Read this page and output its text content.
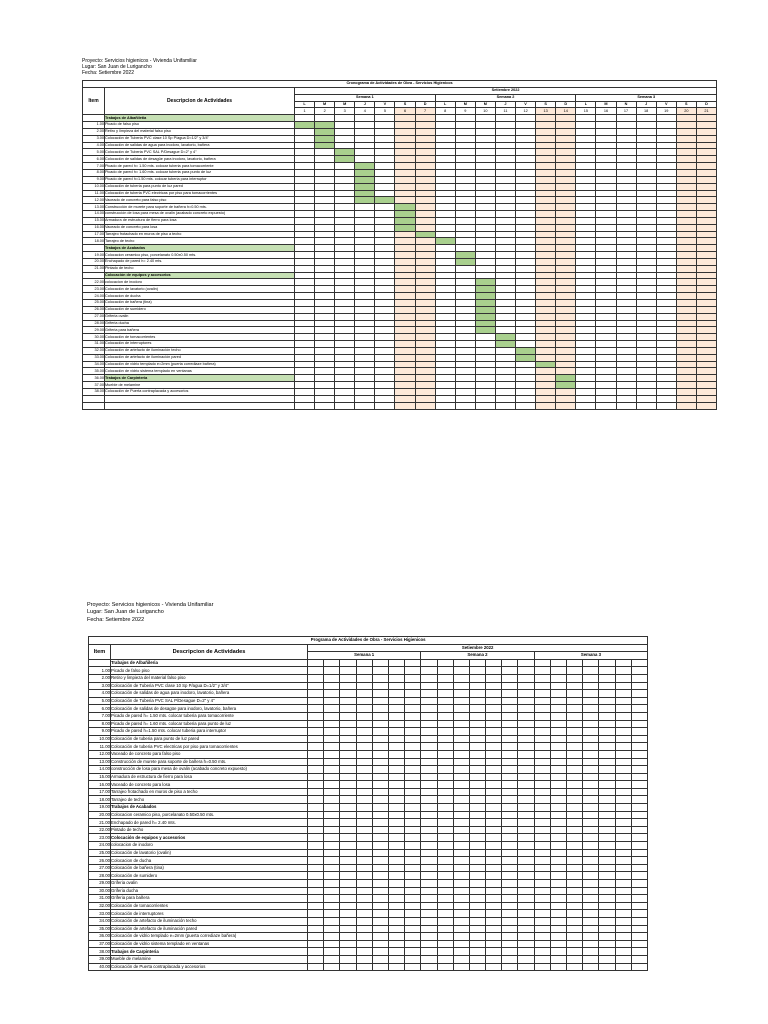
Proyecto: Servicios higienicos - Vivienda Unifamiliar
Lugar: San Juan de Lurigancho
Fecha: Setiembre 2022
Cronograma de Actividades de Obra - Servicios Higienicos																						
Item	Descripcion de Actividades	Setiembre 2022																				
		Semana 1							Semana 2							Semana 3						
		L	M	M	J	V	S	D	L	M	M	J	V	S	D	L	M	N	J	V	S	D
		1	2	3	4	5	6	7	8	9	10	11	12	13	14	15	16	17	18	19	20	21
	Trabajos de Albañiletia																					
1.00	Picado de falso piso																					
2.00	Retiro y limpieza del material falso piso																					
3.00	Colocación de Tuberia PVC clase 10 Sp P/agua D=1/2" y 3/4"																					
4.00	Colocación de salidas de agua para inodoro, lavatorio, bañera																					
5.00	Colocación de Tuberia PVC SAL P/Desague D=2" y 4"																					
6.00	Colocación de salidas de desagüe para inodoro, lavatorio, bañera																					
7.00	Picado de pared h= 1.50 mts. colocar tuberia para tomacorriente																					
8.00	Picado de pared h= 1.60 mts. colocar tuberia para punto de luz																					
9.00	Picado de pared h=1.50 mts. colocar tuberia para interruptor																					
10.00	Colocación de tuberia para punto de luz pared																					
11.00	Colocación de tuberia PVC electricas por piso para tomacorrientes																					
12.00	Vaceado de concreto para falso piso																					
13.00	Construcción de murete para soporte de bañera h=0.50 mts.																					
14.00	construcción de losa para mesa de ovalin (acabado concreto expuesto)																					
15.00	Armadura de estructura de fierro para losa																					
16.00	Vaceado de concreto para losa																					
17.00	Tarrajeo frotachado en muros de piso a techo																					
18.00	Tarrajeo de techo																					
	Trabajos de Acabados																					
19.00	Colocacion ceramico piso, porcelanato 0.50x0.50 mts.																					
20.00	Enchapado de pared h= 2.40 mts.																					
21.00	Pintado de techo																					
	Colocación de equipos y accesorios																					
22.00	colocacion de inodoro																					
23.00	Colocación de lavatorio (ovalin)																					
24.00	Colocacion de ducha																					
25.00	Colocación de bañera (tina)																					
26.00	Colocación de sumidero																					
27.00	Griferia ovalin																					
28.00	Griferia ducha																					
29.00	Griferia para bañera																					
30.00	Colocación de tomacorrientes																					
31.00	Colocación de interruptores																					
32.00	Colocación de artefacto de iluminación techo																					
33.00	Colocación de artefacto de iluminación pared																					
34.00	Colocación de vidrio templado e=2mm (puerta corrediaze bañera)																					
35.00	Colocación de vidrio sistema templado en ventanas																					
36.00	Trabajos de Carpinteria																					
37.00	Mueble de melamine																					
38.00	Colocación de Puerta contraplacada y accesorios																					

Proyecto: Servicios higienicos - Vivienda Unifamiliar
Lugar: San Juan de Lurigancho
Fecha: Setiembre 2022
Programa de Actividades de Obra - Servicios Higienicos																						
Item	Descripcion de Actividades	Setiembre 2022																				
		Semana 1							Semana 2							Semana 3						

	Trabajos de Albañileria																					
1.00	Picado de falso piso																					
2.00	Retiro y limpieza del material falso piso																					
3.00	Colocación de Tuberia PVC clase 10 Sp P/agua D=1/2" y 3/4"																					
4.00	Colocación de salidas de agua para inodoro, lavatorio, bañera																					
5.00	Colocación de Tuberia PVC SAL P/Desague D=2" y 4"																					
6.00	Colocación de salidas de desagüe para inodoro, lavatorio, bañera																					
7.00	Picado de pared h= 1.50 mts. colocar tuberia para tomacorriente																					
8.00	Picado de pared h= 1.60 mts. colocar tuberia para punto de luz																					
9.00	Picado de pared h=1.50 mts. colocar tuberia para interruptor																					
10.00	Colocación de tuberia para punto de luz pared																					
11.00	Colocación de tuberia PVC electricas por piso para tomacorrientes																					
12.00	Vaceado de concreto para falso piso																					
13.00	Construcción de murete para soporte de bañera h=0.50 mts.																					
14.00	construcción de losa para mesa de ovalin (acabado concreto expuesto)																					
15.00	Armadura de estructura de fierro para losa																					
16.00	Vaceado de concreto para losa																					
17.00	Tarrajeo frotachado en muros de piso a techo																					
18.00	Tarrajeo de techo																					
19.00	Trabajos de Acabados																					
20.00	Colocacion ceramico piso, porcelanato 0.50x0.50 mts.																					
21.00	Enchapado de pared h= 2.40 mts.																					
22.00	Pintado de techo																					
23.00	Colocación de equipos y accesorios																					
24.00	colocacion de inodoro																					
25.00	Colocación de lavatorio (ovalin)																					
26.00	Colocacion de ducha																					
27.00	Colocación de bañera (tina)																					
28.00	Colocación de sumidero																					
29.00	Griferia ovalin																					
30.00	Griferia ducha																					
31.00	Griferia para bañera																					
32.00	Colocación de tomacorrientes																					
33.00	Colocación de interruptores																					
34.00	Colocación de artefacto de iluminación techo																					
35.00	Colocación de artefacto de iluminación pared																					
36.00	Colocación de vidrio templado e=2mm (puerta corrediaze bañera)																					
37.00	Colocación de vidrio sistema templado en ventanas																					
38.00	Trabajos de Carpinteria																					
39.00	Mueble de melamine																					
40.00	Colocación de Puerta contraplacada y accesorios																					
